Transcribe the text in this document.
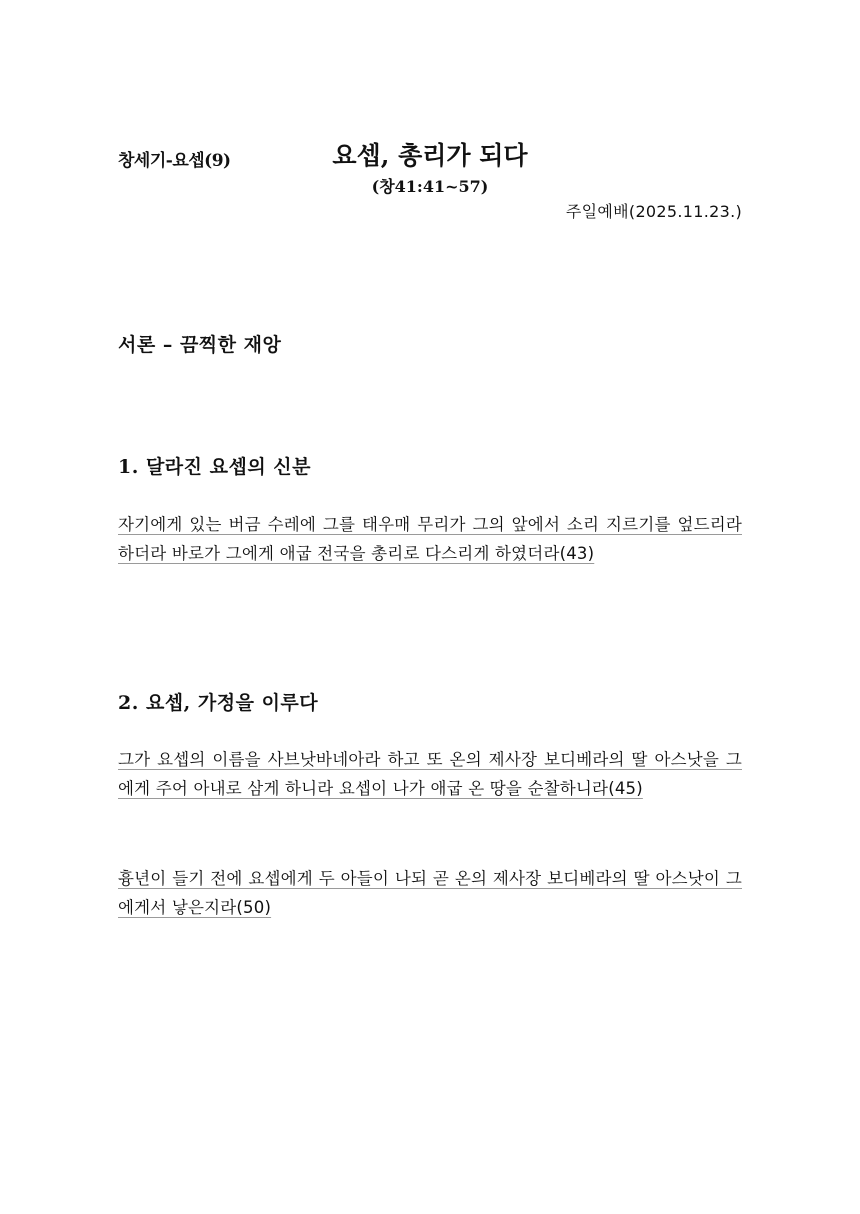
창세기-요셉(9)	요셉, 총리가 되다
(창41:41~57)
주일예배(2025.11.23.)
서론 – 끔찍한 재앙
1. 달라진 요셉의 신분
자기에게 있는 버금 수레에 그를 태우매 무리가 그의 앞에서 소리 지르기를 엎드리라 하더라 바로가 그에게 애굽 전국을 총리로 다스리게 하였더라(43)
2. 요셉, 가정을 이루다
그가 요셉의 이름을 사브낫바네아라 하고 또 온의 제사장 보디베라의 딸 아스낫을 그에게 주어 아내로 삼게 하니라 요셉이 나가 애굽 온 땅을 순찰하니라(45)
흉년이 들기 전에 요셉에게 두 아들이 나되 곧 온의 제사장 보디베라의 딸 아스낫이 그에게서 낳은지라(50)
